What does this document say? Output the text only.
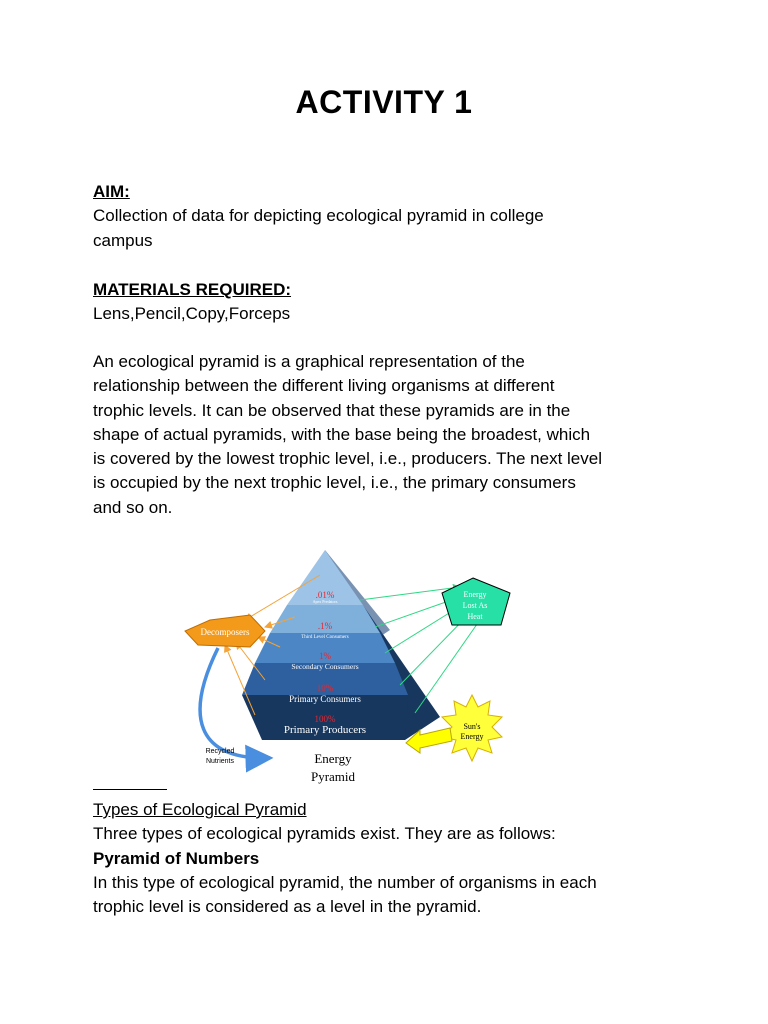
ACTIVITY 1
AIM:
Collection of data for depicting ecological pyramid in college
campus
MATERIALS REQUIRED:
Lens,Pencil,Copy,Forceps
An ecological pyramid is a graphical representation of the
relationship between the different living organisms at different
trophic levels. It can be observed that these pyramids are in the
shape of actual pyramids, with the base being the broadest, which
is covered by the lowest trophic level, i.e., producers. The next level
is occupied by the next trophic level, i.e., the primary consumers
and so on.
.01%
Apex Predators
.1%
Third Level Consumers
1%
Secondary Consumers
10%
Primary Consumers
100%
Primary Producers
Decomposers
Energy
Lost As
Heat
Recycled
Nutrients
Sun's
Energy
Energy
Pyramid
Types of Ecological Pyramid
Three types of ecological pyramids exist. They are as follows:
Pyramid of Numbers
In this type of ecological pyramid, the number of organisms in each
trophic level is considered as a level in the pyramid.
